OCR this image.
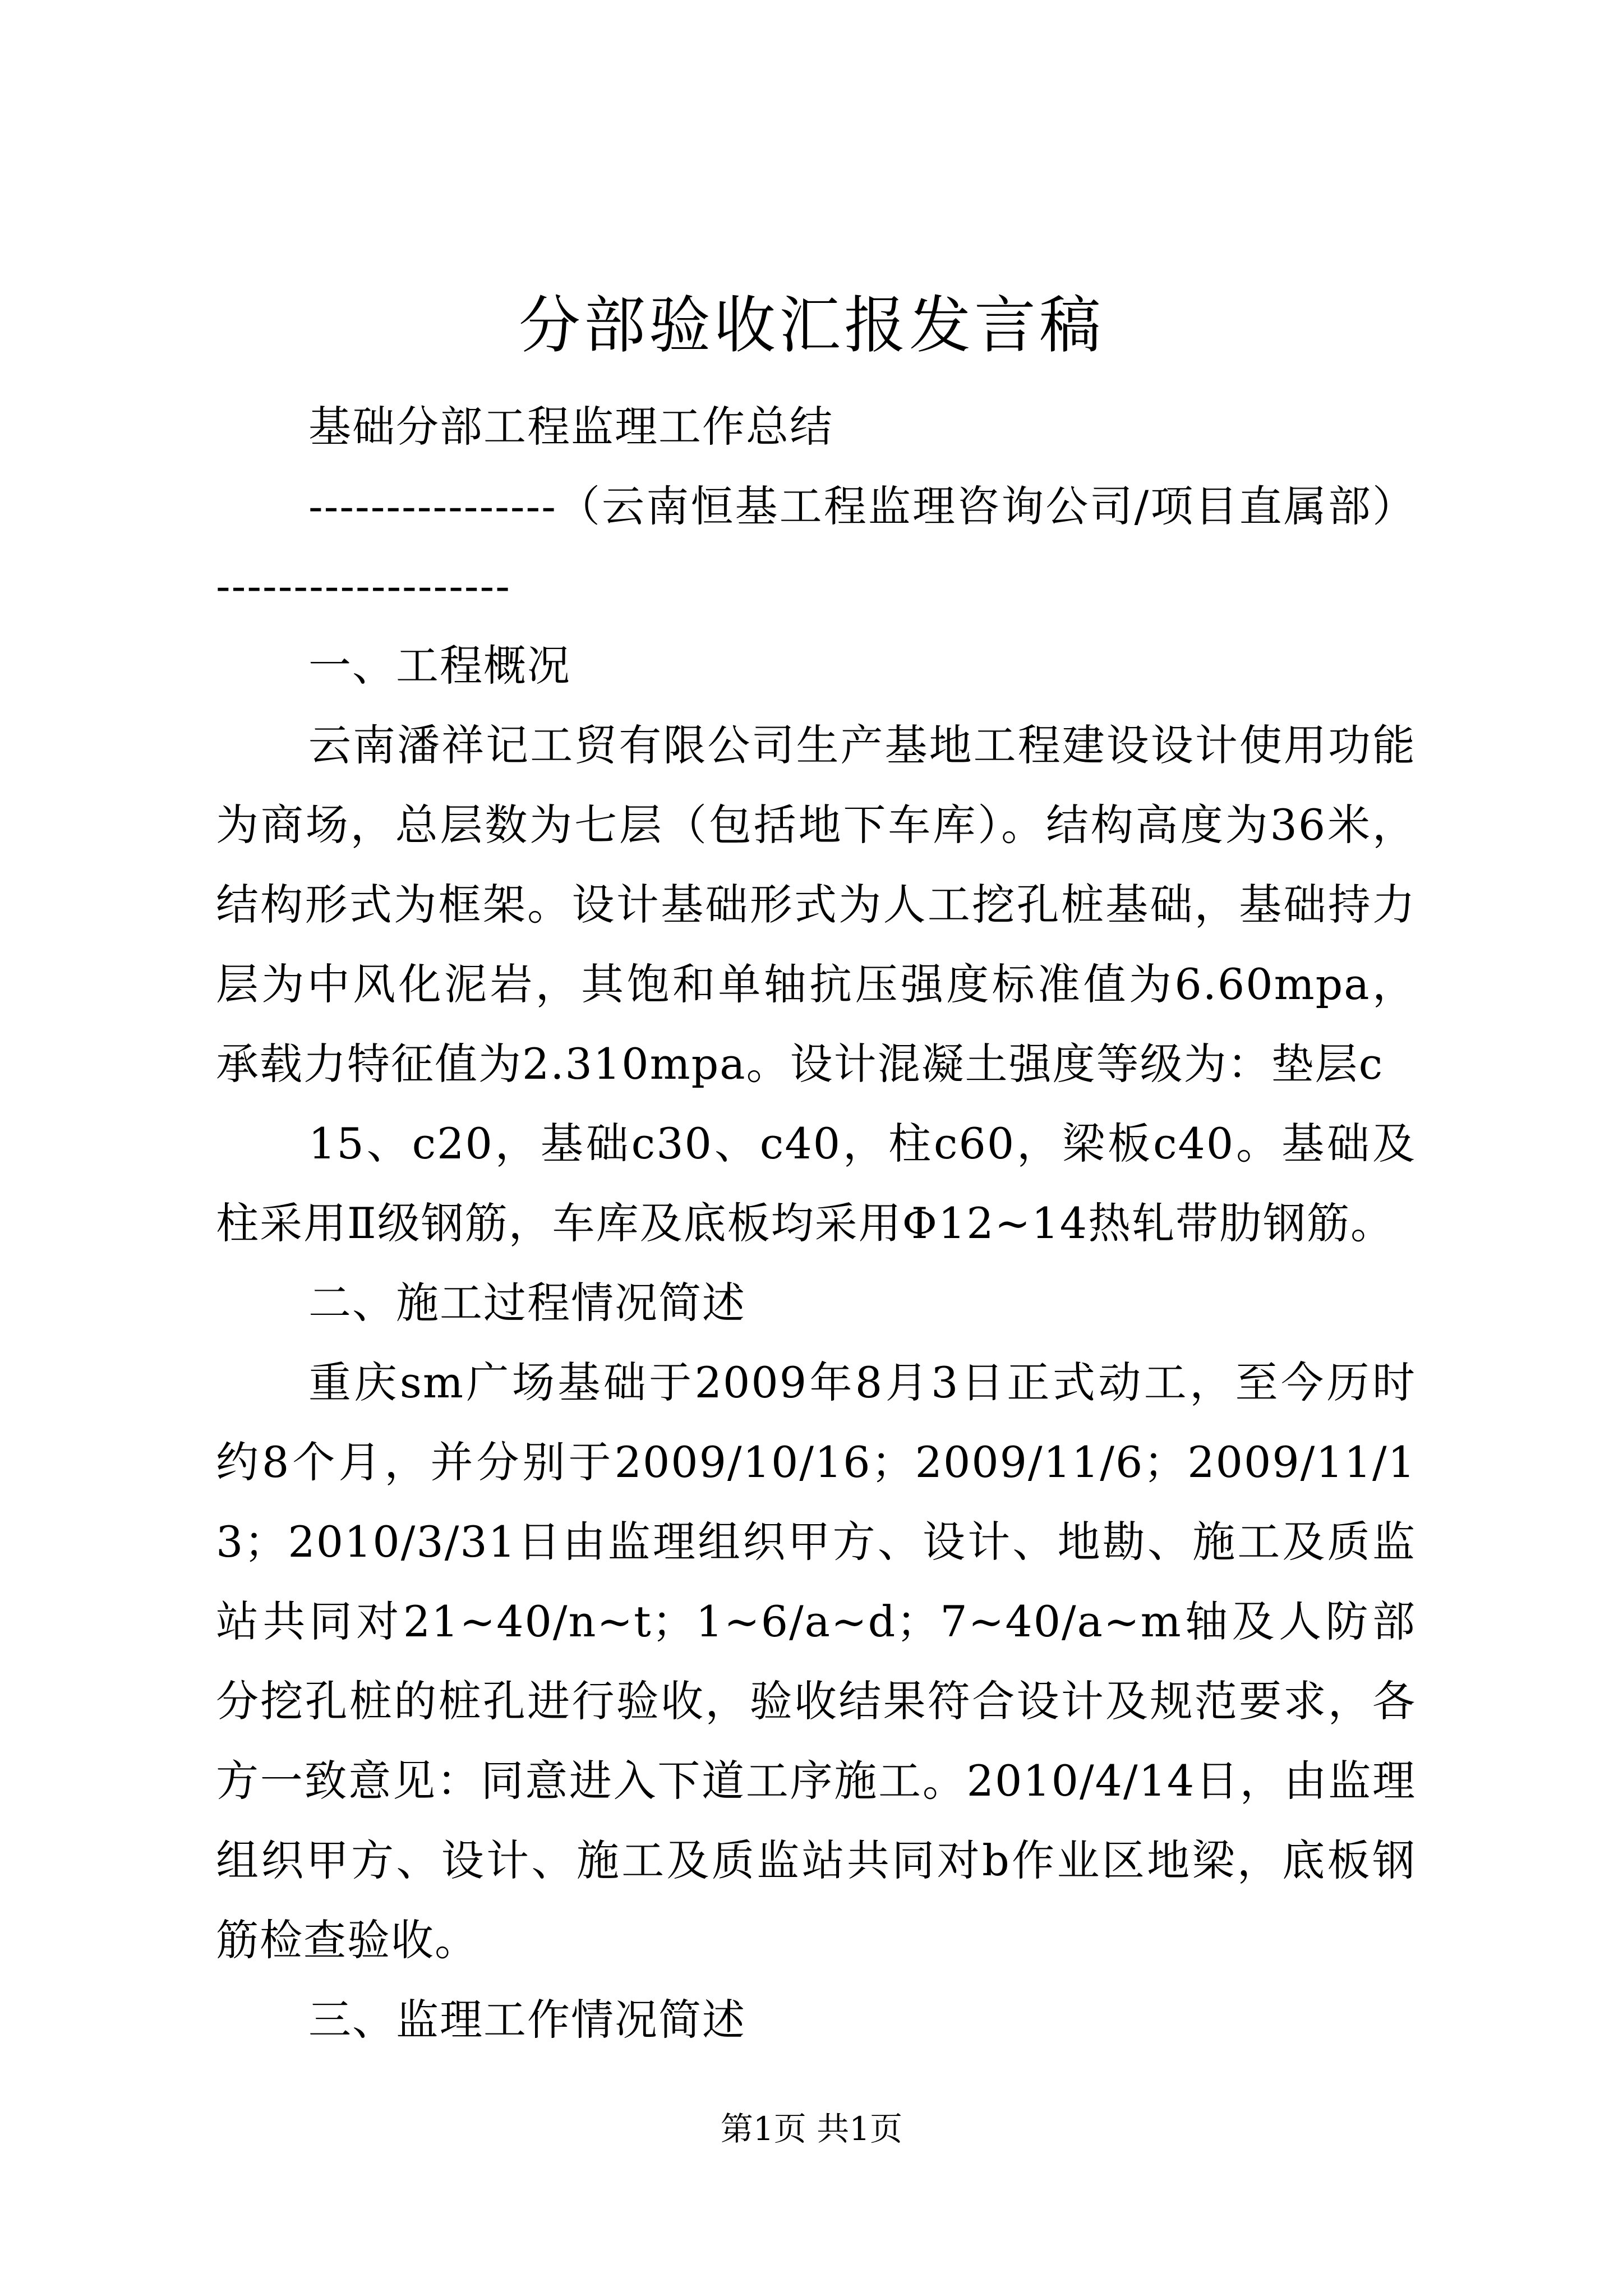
分部验收汇报发言稿

基础分部工程监理工作总结

----------------（云南恒基工程监理咨询公司/项目直属部）-------------------

一、工程概况

云南潘祥记工贸有限公司生产基地工程建设设计使用功能为商场，总层数为七层（包括地下车库）。结构高度为36米，结构形式为框架。设计基础形式为人工挖孔桩基础，基础持力层为中风化泥岩，其饱和单轴抗压强度标准值为6.60mpa，承载力特征值为2.310mpa。设计混凝土强度等级为：垫层c

15、c20，基础c30、c40，柱c60，梁板c40。基础及柱采用Ⅱ级钢筋，车库及底板均采用Φ12~14热轧带肋钢筋。

二、施工过程情况简述

重庆sm广场基础于2009年8月3日正式动工，至今历时约8个月，并分别于2009/10/16；2009/11/6；2009/11/13；2010/3/31日由监理组织甲方、设计、地勘、施工及质监站共同对21~40/n~t；1~6/a~d；7~40/a~m轴及人防部分挖孔桩的桩孔进行验收，验收结果符合设计及规范要求，各方一致意见：同意进入下道工序施工。2010/4/14日，由监理组织甲方、设计、施工及质监站共同对b作业区地梁，底板钢筋检查验收。

三、监理工作情况简述

第1页 共1页
